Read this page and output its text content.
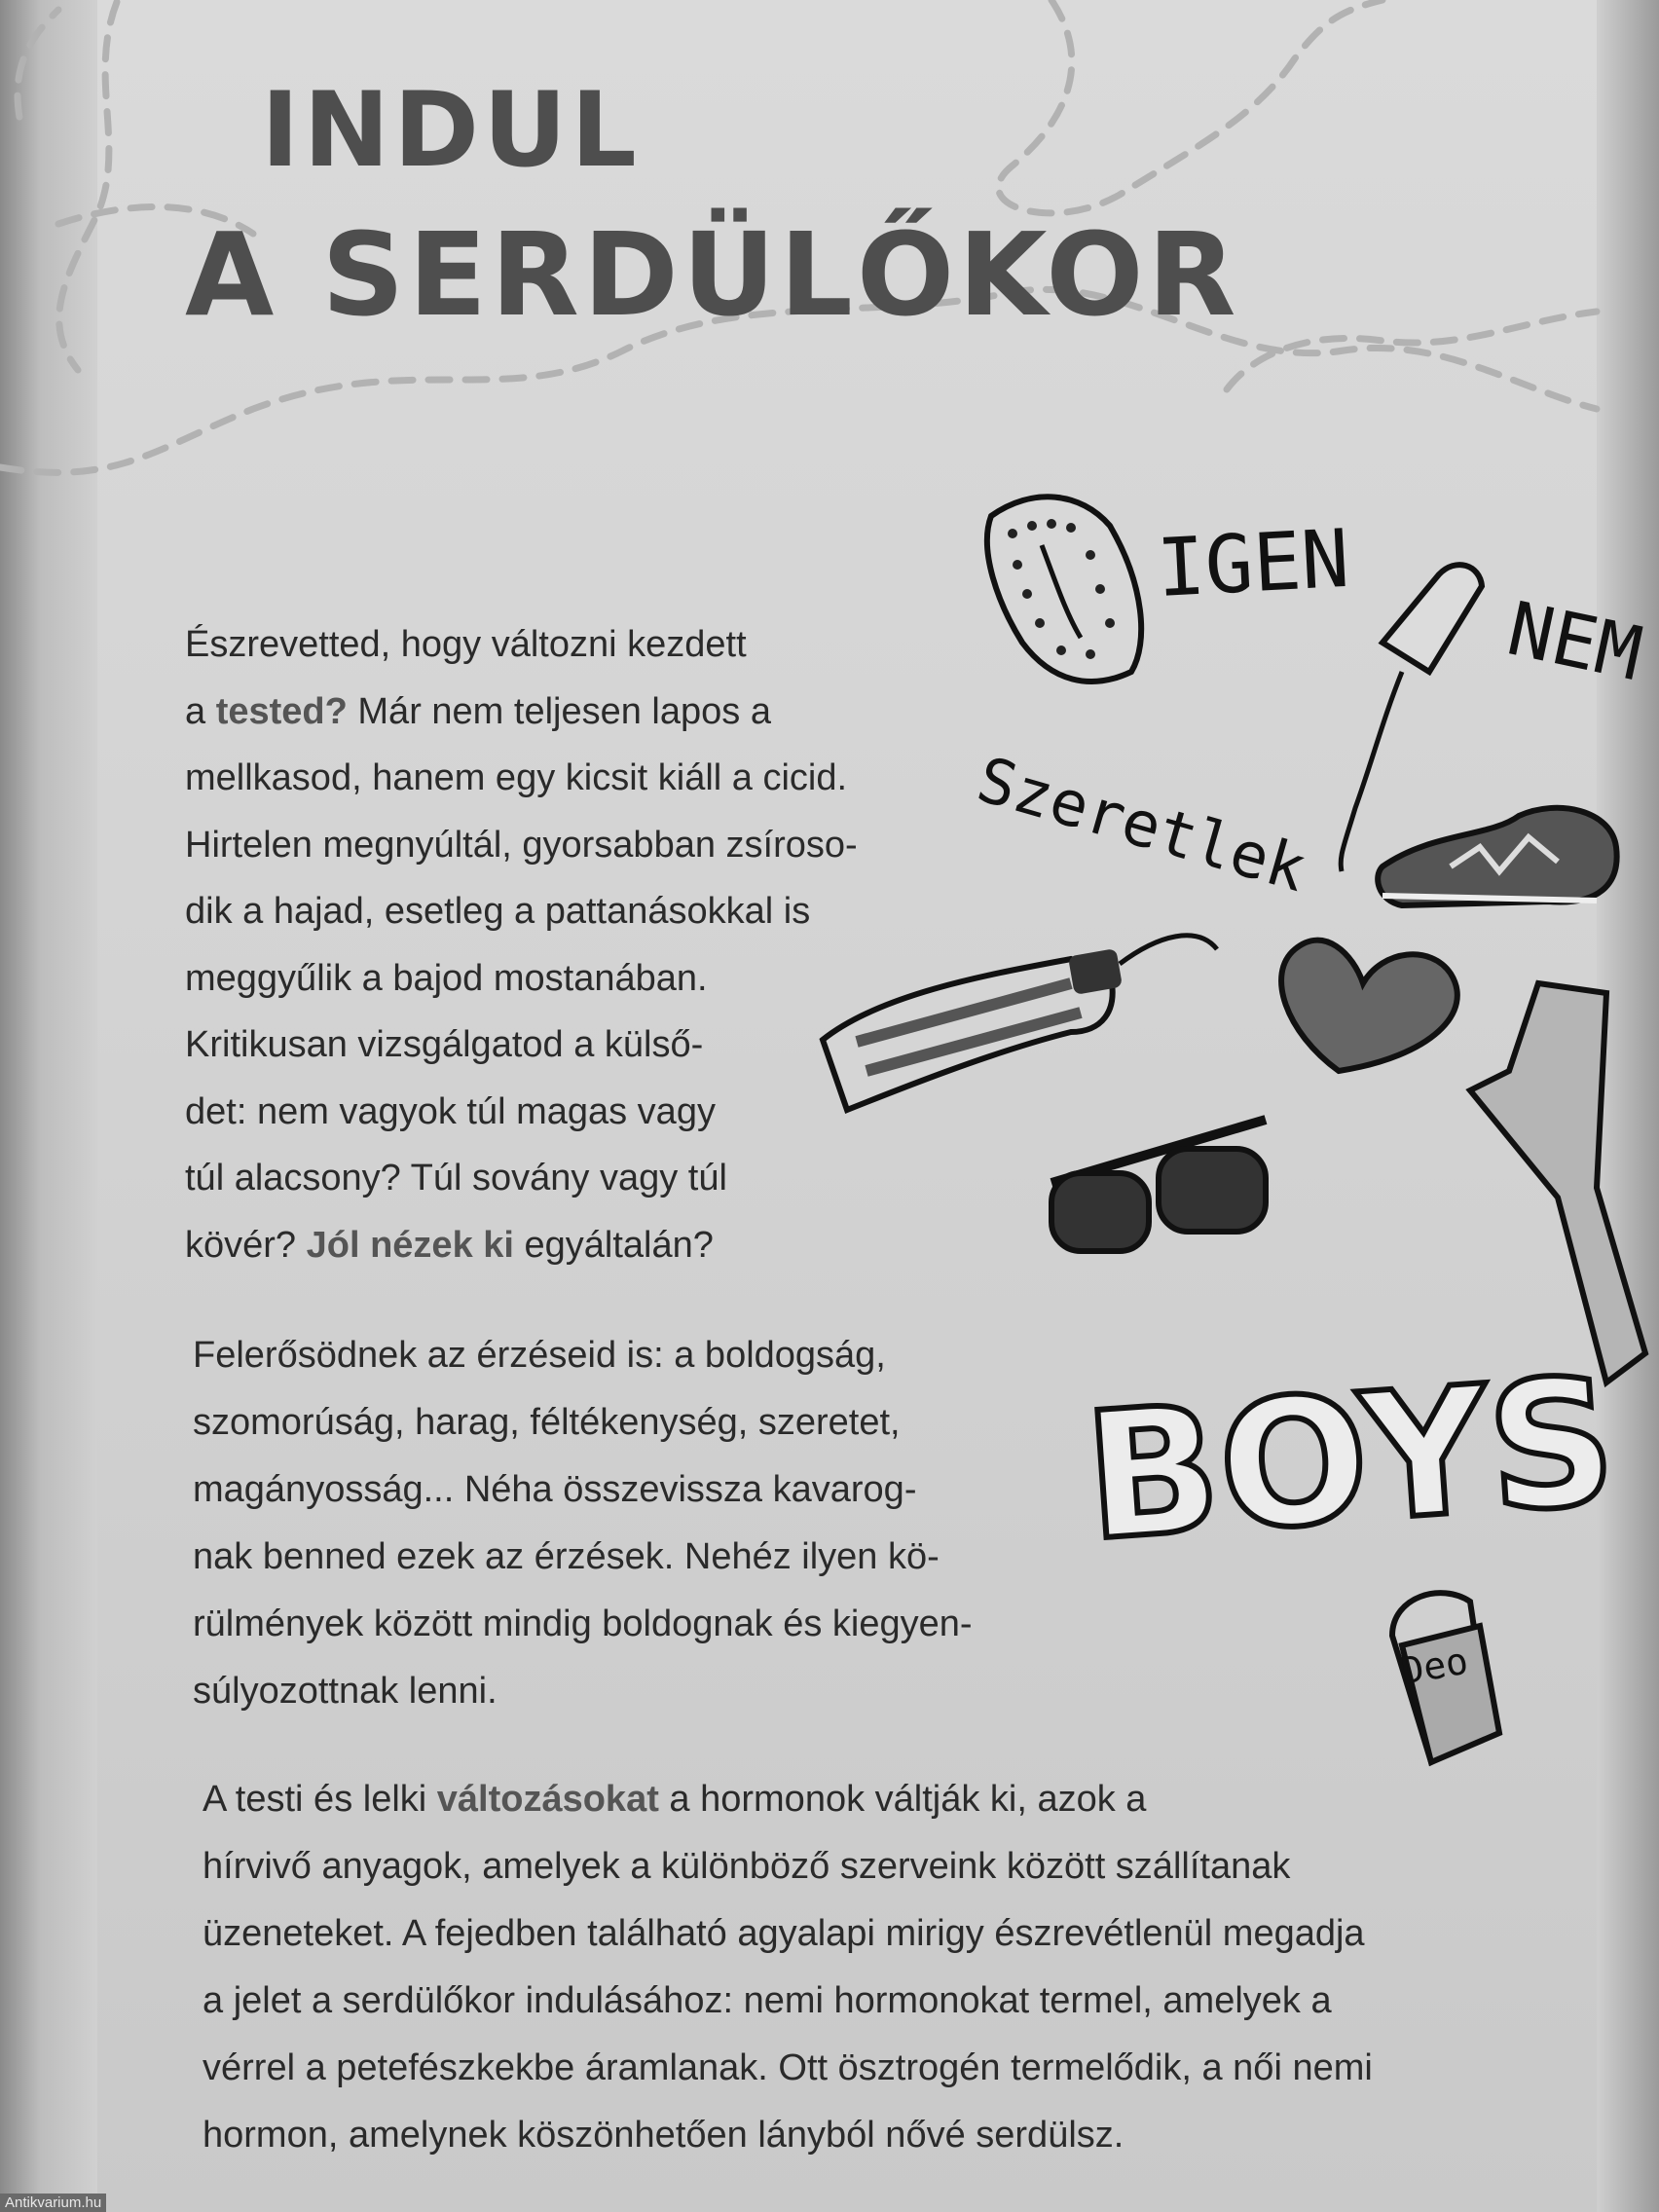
INDUL
A SERDÜLŐKOR

Észrevetted, hogy változni kezdett
a tested? Már nem teljesen lapos a
mellkasod, hanem egy kicsit kiáll a cicid.
Hirtelen megnyúltál, gyorsabban zsíroso-
dik a hajad, esetleg a pattanásokkal is
meggyűlik a bajod mostanában.
Kritikusan vizsgálgatod a külső-
det: nem vagyok túl magas vagy
túl alacsony? Túl sovány vagy túl
kövér? Jól nézek ki egyáltalán?

Felerősödnek az érzéseid is: a boldogság,
szomorúság, harag, féltékenység, szeretet,
magányosság... Néha összevissza kavarog-
nak benned ezek az érzések. Nehéz ilyen kö-
rülmények között mindig boldognak és kiegyen-
súlyozottnak lenni.

A testi és lelki változásokat a hormonok váltják ki, azok a
hírvivő anyagok, amelyek a különböző szerveink között szállítanak
üzeneteket. A fejedben található agyalapi mirigy észrevétlenül megadja
a jelet a serdülőkor indulásához: nemi hormonokat termel, amelyek a
vérrel a petefészkekbe áramlanak. Ott ösztrogén termelődik, a női nemi
hormon, amelynek köszönhetően lányból nővé serdülsz.

IGEN
NEM
Szeretlek
BOYS
Deo
Antikvarium.hu
